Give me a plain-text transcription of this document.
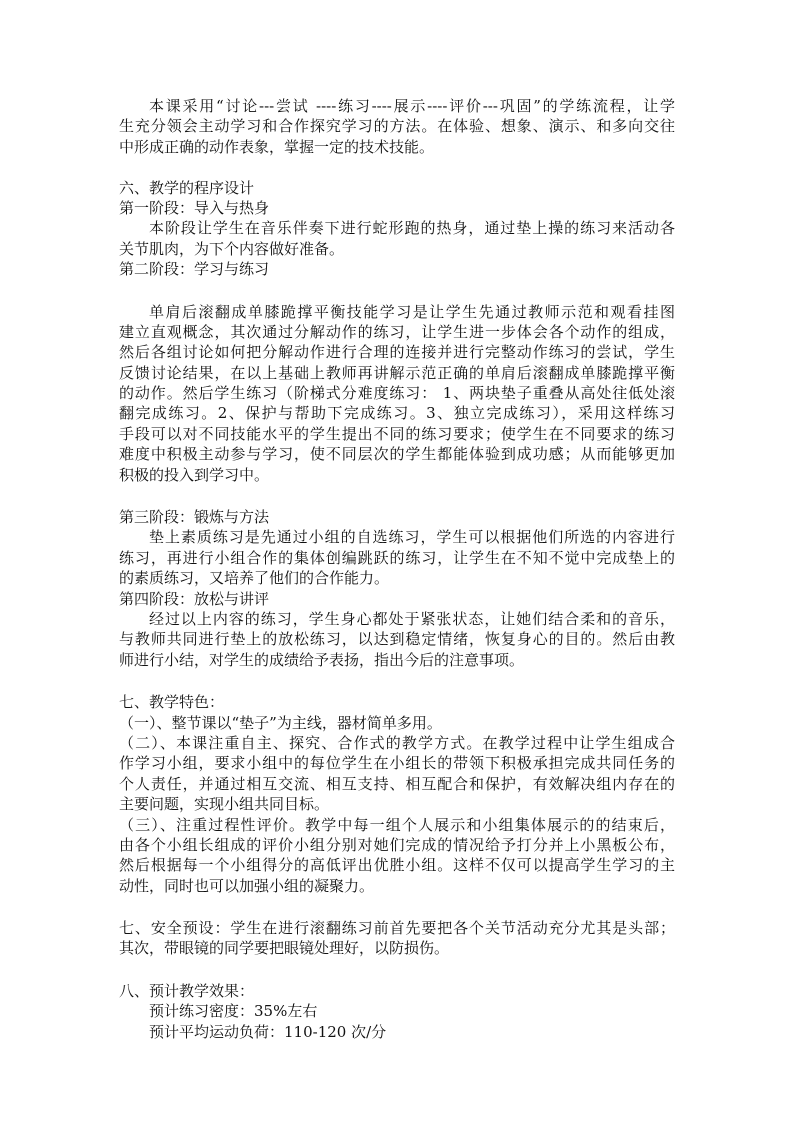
本课采用“讨论---尝试 ----练习----展示----评价---巩固”的学练流程，让学
生充分领会主动学习和合作探究学习的方法。在体验、想象、演示、和多向交往
中形成正确的动作表象，掌握一定的技术技能。
六、教学的程序设计
第一阶段：导入与热身
本阶段让学生在音乐伴奏下进行蛇形跑的热身，通过垫上操的练习来活动各
关节肌肉，为下个内容做好准备。
第二阶段：学习与练习
单肩后滚翻成单膝跪撑平衡技能学习是让学生先通过教师示范和观看挂图
建立直观概念，其次通过分解动作的练习，让学生进一步体会各个动作的组成，
然后各组讨论如何把分解动作进行合理的连接并进行完整动作练习的尝试，学生
反馈讨论结果，在以上基础上教师再讲解示范正确的单肩后滚翻成单膝跪撑平衡
的动作。然后学生练习（阶梯式分难度练习： 1、两块垫子重叠从高处往低处滚
翻完成练习。2、保护与帮助下完成练习。3、独立完成练习），采用这样练习
手段可以对不同技能水平的学生提出不同的练习要求；使学生在不同要求的练习
难度中积极主动参与学习，使不同层次的学生都能体验到成功感；从而能够更加
积极的投入到学习中。
第三阶段：锻炼与方法
垫上素质练习是先通过小组的自选练习，学生可以根据他们所选的内容进行
练习，再进行小组合作的集体创编跳跃的练习，让学生在不知不觉中完成垫上的
的素质练习，又培养了他们的合作能力。
第四阶段：放松与讲评
经过以上内容的练习，学生身心都处于紧张状态，让她们结合柔和的音乐，
与教师共同进行垫上的放松练习，以达到稳定情绪，恢复身心的目的。然后由教
师进行小结，对学生的成绩给予表扬，指出今后的注意事项。
七、教学特色：
（一）、整节课以“垫子”为主线，器材简单多用。
（二）、本课注重自主、探究、合作式的教学方式。在教学过程中让学生组成合
作学习小组，要求小组中的每位学生在小组长的带领下积极承担完成共同任务的
个人责任，并通过相互交流、相互支持、相互配合和保护，有效解决组内存在的
主要问题，实现小组共同目标。
（三）、注重过程性评价。教学中每一组个人展示和小组集体展示的的结束后，
由各个小组长组成的评价小组分别对她们完成的情况给予打分并上小黑板公布，
然后根据每一个小组得分的高低评出优胜小组。这样不仅可以提高学生学习的主
动性，同时也可以加强小组的凝聚力。
七、安全预设：学生在进行滚翻练习前首先要把各个关节活动充分尤其是头部；
其次，带眼镜的同学要把眼镜处理好，以防损伤。
八、预计教学效果：
预计练习密度：35%左右
预计平均运动负荷：110-120 次/分
